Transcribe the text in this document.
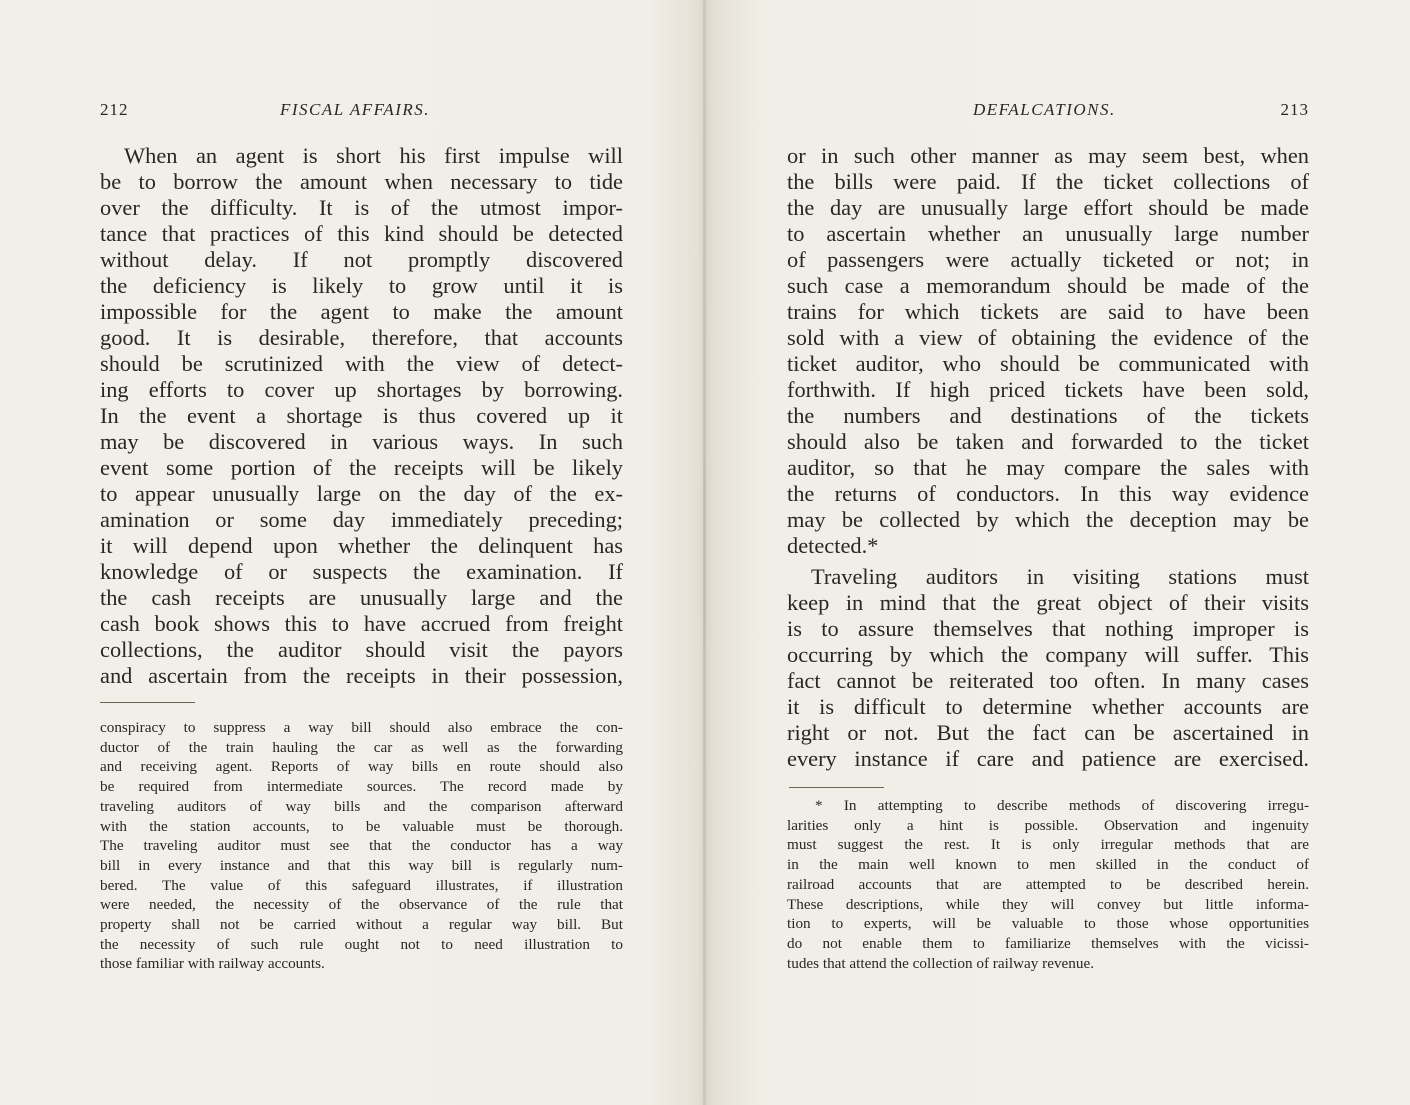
212	FISCAL AFFAIRS.
When an agent is short his first impulse will
be to borrow the amount when necessary to tide
over the difficulty. It is of the utmost impor-
tance that practices of this kind should be detected
without delay. If not promptly discovered
the deficiency is likely to grow until it is
impossible for the agent to make the amount
good. It is desirable, therefore, that accounts
should be scrutinized with the view of detect-
ing efforts to cover up shortages by borrowing.
In the event a shortage is thus covered up it
may be discovered in various ways. In such
event some portion of the receipts will be likely
to appear unusually large on the day of the ex-
amination or some day immediately preceding;
it will depend upon whether the delinquent has
knowledge of or suspects the examination. If
the cash receipts are unusually large and the
cash book shows this to have accrued from freight
collections, the auditor should visit the payors
and ascertain from the receipts in their possession,
conspiracy to suppress a way bill should also embrace the con-
ductor of the train hauling the car as well as the forwarding
and receiving agent. Reports of way bills en route should also
be required from intermediate sources. The record made by
traveling auditors of way bills and the comparison afterward
with the station accounts, to be valuable must be thorough.
The traveling auditor must see that the conductor has a way
bill in every instance and that this way bill is regularly num-
bered. The value of this safeguard illustrates, if illustration
were needed, the necessity of the observance of the rule that
property shall not be carried without a regular way bill. But
the necessity of such rule ought not to need illustration to
those familiar with railway accounts.
DEFALCATIONS.	213
or in such other manner as may seem best, when
the bills were paid. If the ticket collections of
the day are unusually large effort should be made
to ascertain whether an unusually large number
of passengers were actually ticketed or not; in
such case a memorandum should be made of the
trains for which tickets are said to have been
sold with a view of obtaining the evidence of the
ticket auditor, who should be communicated with
forthwith. If high priced tickets have been sold,
the numbers and destinations of the tickets
should also be taken and forwarded to the ticket
auditor, so that he may compare the sales with
the returns of conductors. In this way evidence
may be collected by which the deception may be
detected.*
Traveling auditors in visiting stations must
keep in mind that the great object of their visits
is to assure themselves that nothing improper is
occurring by which the company will suffer. This
fact cannot be reiterated too often. In many cases
it is difficult to determine whether accounts are
right or not. But the fact can be ascertained in
every instance if care and patience are exercised.
* In attempting to describe methods of discovering irregu-
larities only a hint is possible. Observation and ingenuity
must suggest the rest. It is only irregular methods that are
in the main well known to men skilled in the conduct of
railroad accounts that are attempted to be described herein.
These descriptions, while they will convey but little informa-
tion to experts, will be valuable to those whose opportunities
do not enable them to familiarize themselves with the vicissi-
tudes that attend the collection of railway revenue.
